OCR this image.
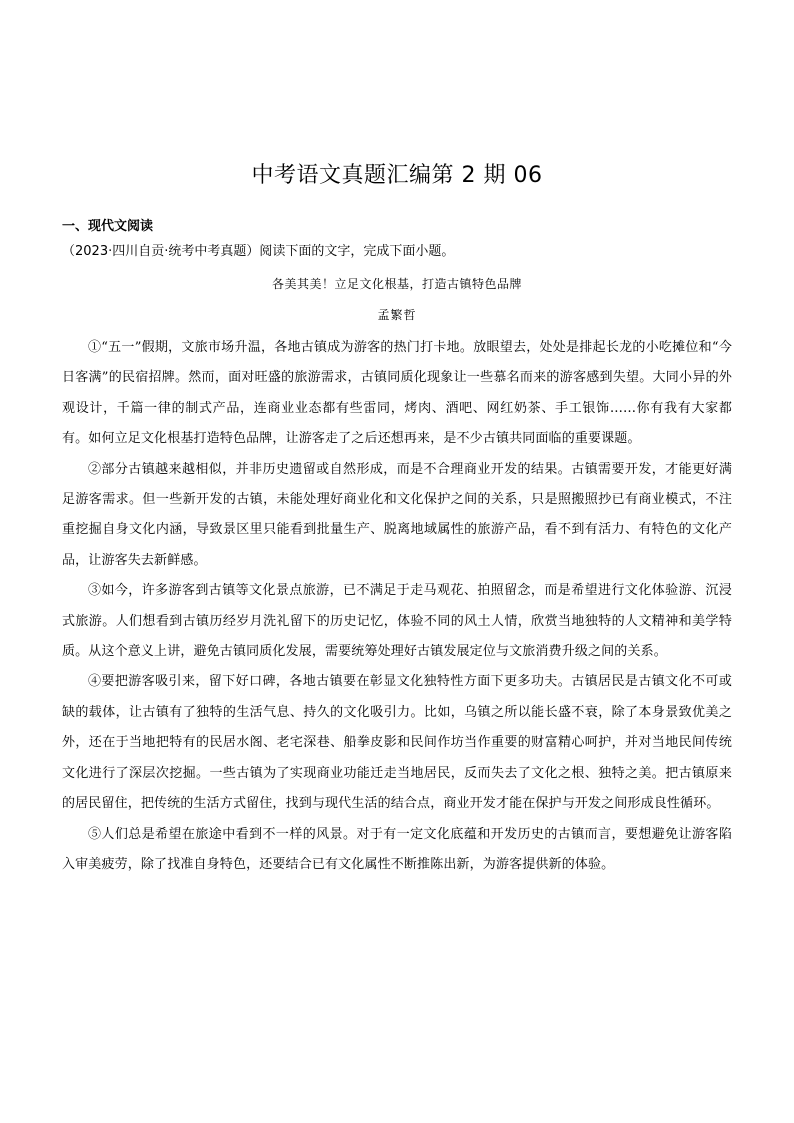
中考语文真题汇编第 2 期 06
一、现代文阅读
（2023·四川自贡·统考中考真题）阅读下面的文字，完成下面小题。
各美其美！立足文化根基，打造古镇特色品牌
孟繁哲

①“五一”假期，文旅市场升温，各地古镇成为游客的热门打卡地。放眼望去，处处是排起长龙的小吃摊位和“今日客满”的民宿招牌。然而，面对旺盛的旅游需求，古镇同质化现象让一些慕名而来的游客感到失望。大同小异的外观设计，千篇一律的制式产品，连商业业态都有些雷同，烤肉、酒吧、网红奶茶、手工银饰……你有我有大家都有。如何立足文化根基打造特色品牌，让游客走了之后还想再来，是不少古镇共同面临的重要课题。

②部分古镇越来越相似，并非历史遗留或自然形成，而是不合理商业开发的结果。古镇需要开发，才能更好满足游客需求。但一些新开发的古镇，未能处理好商业化和文化保护之间的关系，只是照搬照抄已有商业模式，不注重挖掘自身文化内涵，导致景区里只能看到批量生产、脱离地域属性的旅游产品，看不到有活力、有特色的文化产品，让游客失去新鲜感。

③如今，许多游客到古镇等文化景点旅游，已不满足于走马观花、拍照留念，而是希望进行文化体验游、沉浸式旅游。人们想看到古镇历经岁月洗礼留下的历史记忆，体验不同的风土人情，欣赏当地独特的人文精神和美学特质。从这个意义上讲，避免古镇同质化发展，需要统筹处理好古镇发展定位与文旅消费升级之间的关系。

④要把游客吸引来，留下好口碑，各地古镇要在彰显文化独特性方面下更多功夫。古镇居民是古镇文化不可或缺的载体，让古镇有了独特的生活气息、持久的文化吸引力。比如，乌镇之所以能长盛不衰，除了本身景致优美之外，还在于当地把特有的民居水阁、老宅深巷、船拳皮影和民间作坊当作重要的财富精心呵护，并对当地民间传统文化进行了深层次挖掘。一些古镇为了实现商业功能迁走当地居民，反而失去了文化之根、独特之美。把古镇原来的居民留住，把传统的生活方式留住，找到与现代生活的结合点，商业开发才能在保护与开发之间形成良性循环。

⑤人们总是希望在旅途中看到不一样的风景。对于有一定文化底蕴和开发历史的古镇而言，要想避免让游客陷入审美疲劳，除了找准自身特色，还要结合已有文化属性不断推陈出新，为游客提供新的体验。
